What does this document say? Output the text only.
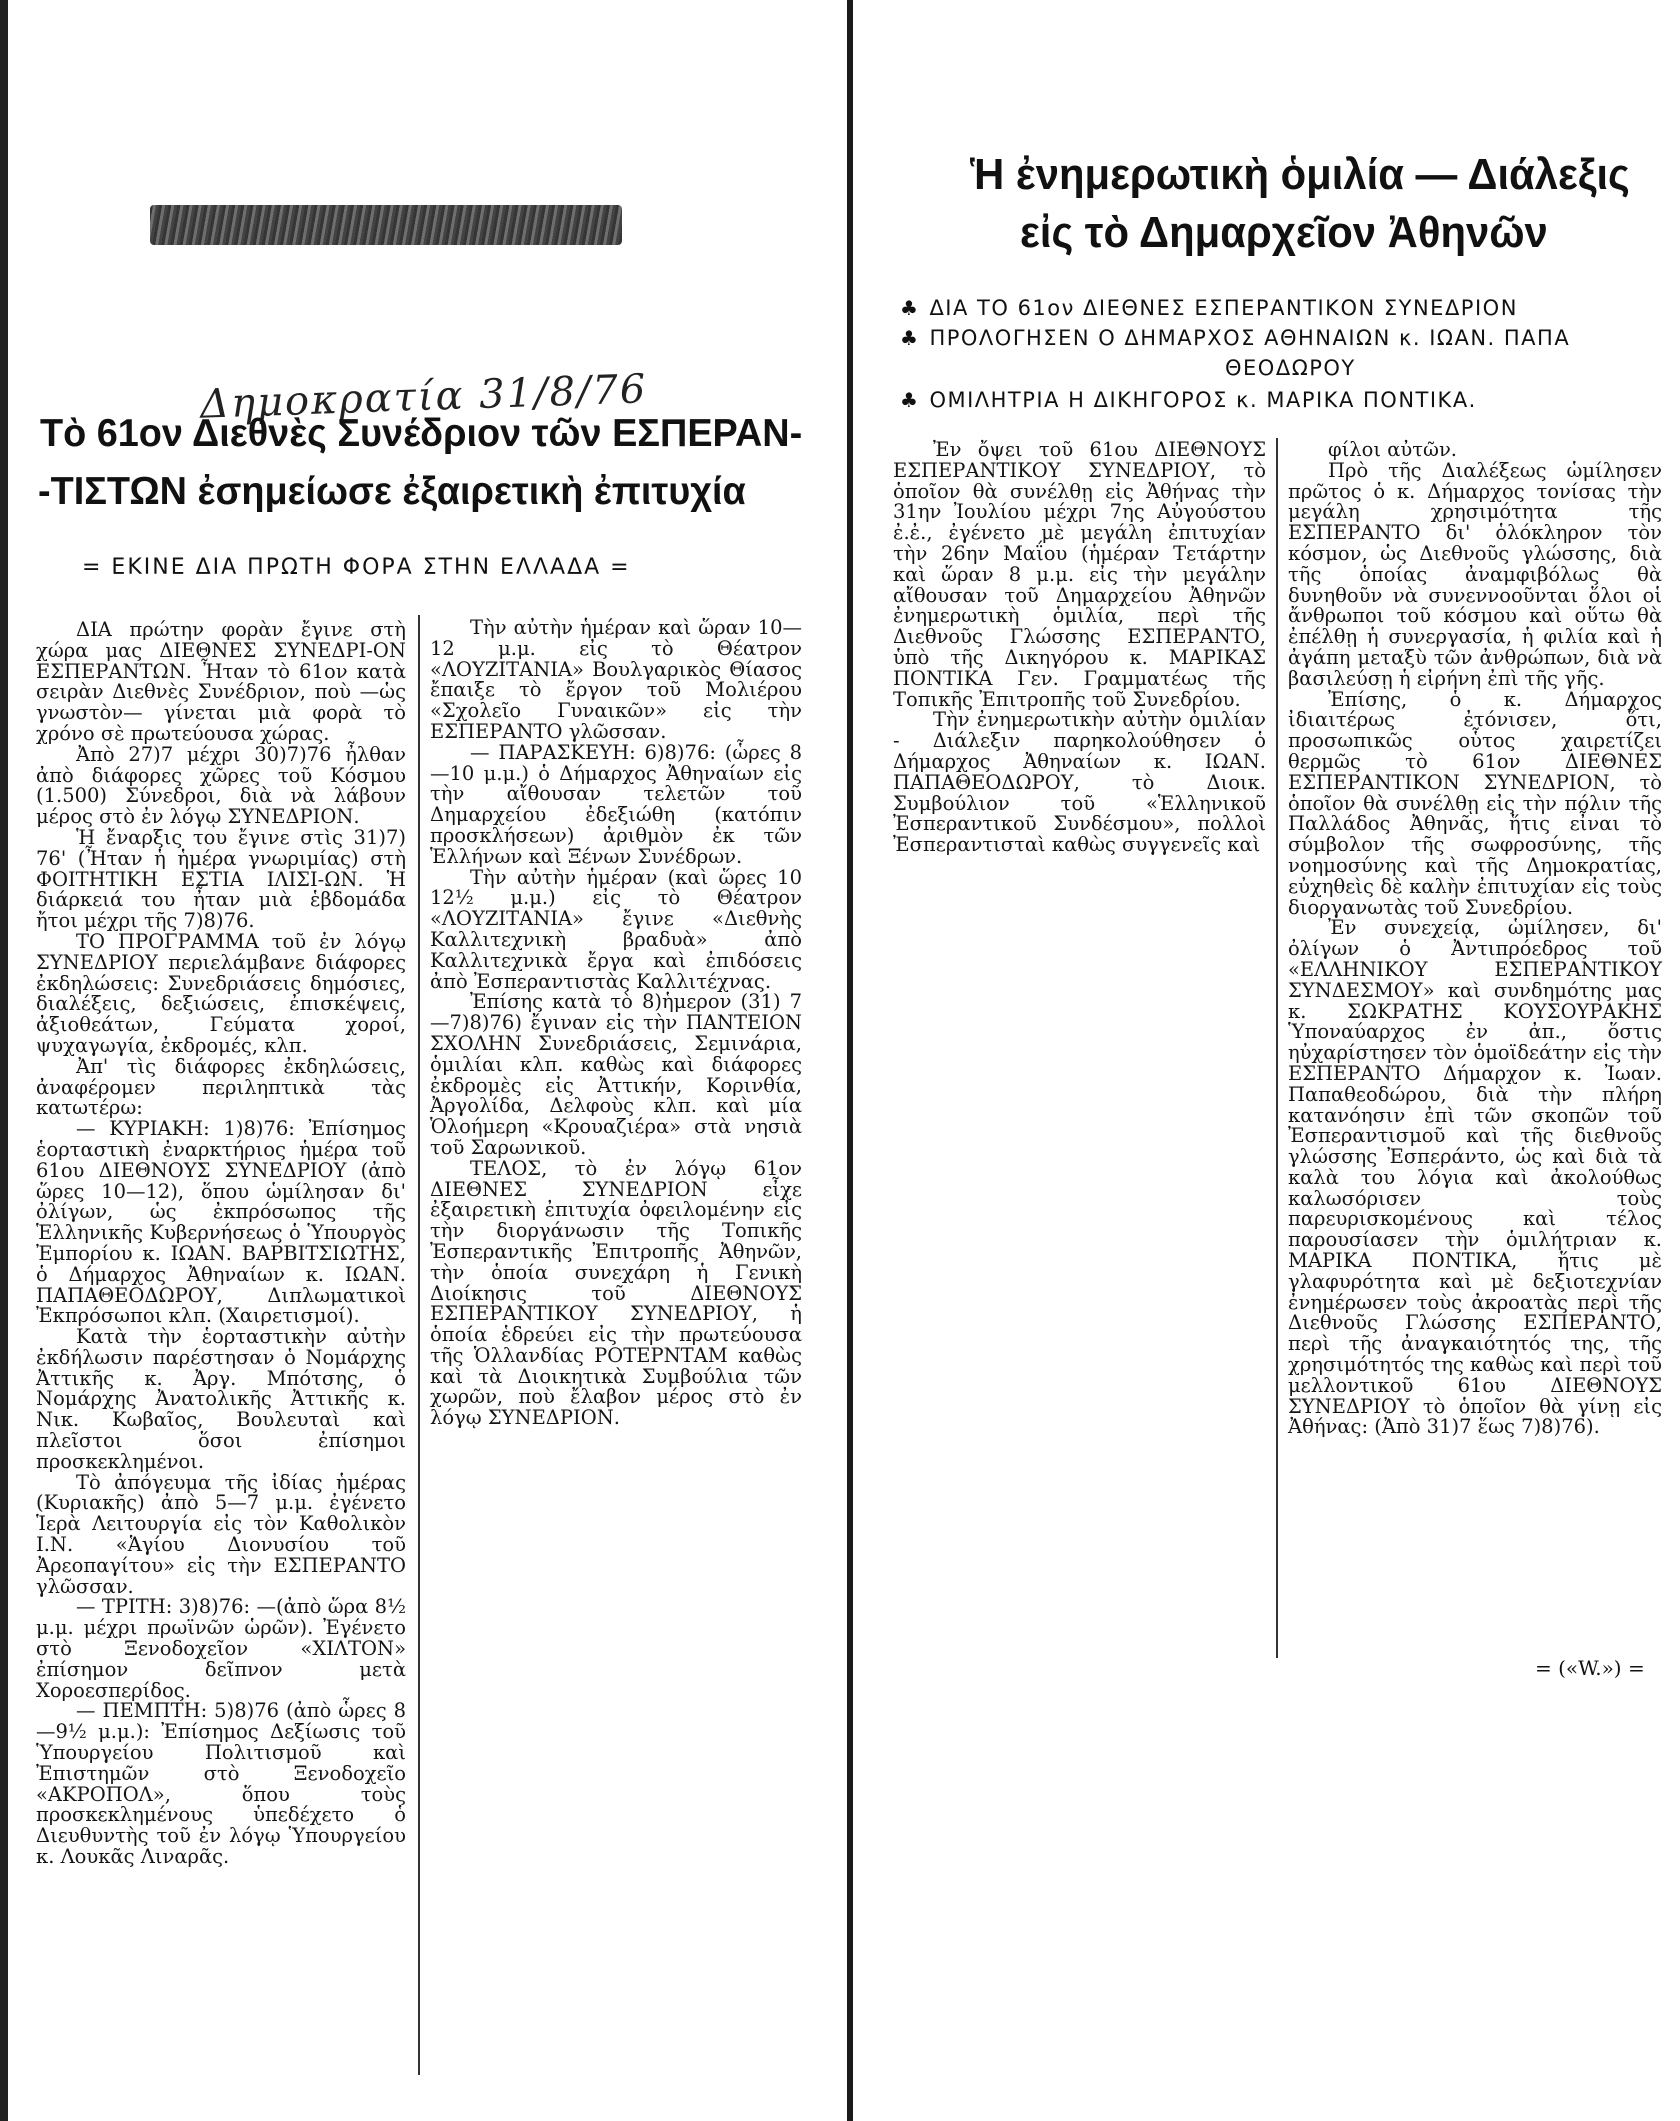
Δημοκρατία 31/8/76
Τὸ 61ον Διεθνὲς Συνέδριον τῶν ΕΣΠΕΡΑΝ-
-ΤΙΣΤΩΝ ἐσημείωσε ἐξαιρετικὴ ἐπιτυχία
= ΕΚΙΝΕ ΔΙΑ ΠΡΩΤΗ ΦΟΡΑ ΣΤΗΝ ΕΛΛΑΔΑ =

ΔΙΑ πρώτην φορὰν ἔγινε στὴ χώρα μας ΔΙΕΘΝΕΣ ΣΥΝΕΔΡΙ-ΟΝ ΕΣΠΕΡΑΝΤΩΝ. Ἦταν τὸ 61ον κατὰ σειρὰν Διεθνὲς Συνέδριον, ποὺ —ὡς γνωστὸν— γίνεται μιὰ φορὰ τὸ χρόνο σὲ πρωτεύουσα χώρας.

Ἀπὸ 27)7 μέχρι 30)7)76 ἦλθαν ἀπὸ διάφορες χῶρες τοῦ Κόσμου (1.500) Σύνεδροι, διὰ νὰ λάβουν μέρος στὸ ἐν λόγῳ ΣΥΝΕΔΡΙΟΝ.

Ἡ ἔναρξις του ἔγινε στὶς 31)7) 76' (Ἦταν ἡ ἡμέρα γνωριμίας) στὴ ΦΟΙΤΗΤΙΚΗ ΕΣΤΙΑ ΙΛΙΣΙ-ΩΝ. Ἡ διάρκειά του ἦταν μιὰ ἑβδομάδα ἤτοι μέχρι τῆς 7)8)76.

ΤΟ ΠΡΟΓΡΑΜΜΑ τοῦ ἐν λόγῳ ΣΥΝΕΔΡΙΟΥ περιελάμβανε διάφορες ἐκδηλώσεις: Συνεδριάσεις δημόσιες, διαλέξεις, δεξιώσεις, ἐπισκέψεις, ἀξιοθεάτων, Γεύματα χοροί, ψυχαγωγία, ἐκδρομές, κλπ.

Ἀπ' τὶς διάφορες ἐκδηλώσεις, ἀναφέρομεν περιληπτικὰ τὰς κατωτέρω:

— ΚΥΡΙΑΚΗ: 1)8)76: Ἐπίσημος ἑορταστικὴ ἐναρκτήριος ἡμέρα τοῦ 61ου ΔΙΕΘΝΟΥΣ ΣΥΝΕΔΡΙΟΥ (ἀπὸ ὥρες 10—12), ὅπου ὡμίλησαν δι' ὀλίγων, ὡς ἐκπρόσωπος τῆς Ἑλληνικῆς Κυβερνήσεως ὁ Ὑπουργὸς Ἐμπορίου κ. ΙΩΑΝ. ΒΑΡΒΙΤΣΙΩΤΗΣ, ὁ Δήμαρχος Ἀθηναίων κ. ΙΩΑΝ. ΠΑΠΑΘΕΟΔΩΡΟΥ, Διπλωματικοὶ Ἐκπρόσωποι κλπ. (Χαιρετισμοί).

Κατὰ τὴν ἑορταστικὴν αὐτὴν ἐκδήλωσιν παρέστησαν ὁ Νομάρχης Ἀττικῆς κ. Ἀργ. Μπότσης, ὁ Νομάρχης Ἀνατολικῆς Ἀττικῆς κ. Νικ. Κωβαῖος, Βουλευταὶ καὶ πλεῖστοι ὅσοι ἐπίσημοι προσκεκλημένοι.

Τὸ ἀπόγευμα τῆς ἰδίας ἡμέρας (Κυριακῆς) ἀπὸ 5—7 μ.μ. ἐγένετο Ἱερὰ Λειτουργία εἰς τὸν Καθολικὸν Ι.Ν. «Ἁγίου Διονυσίου τοῦ Ἀρεοπαγίτου» εἰς τὴν ΕΣΠΕΡΑΝΤΟ γλῶσσαν.

— ΤΡΙΤΗ: 3)8)76: —(ἀπὸ ὥρα 8½ μ.μ. μέχρι πρωϊνῶν ὡρῶν). Ἐγένετο στὸ Ξενοδοχεῖον «ΧΙΛΤΟΝ» ἐπίσημον δεῖπνον μετὰ Χοροεσπερίδος.

— ΠΕΜΠΤΗ: 5)8)76 (ἀπὸ ὧρες 8—9½ μ.μ.): Ἐπίσημος Δεξίωσις τοῦ Ὑπουργείου Πολιτισμοῦ καὶ Ἐπιστημῶν στὸ Ξενοδοχεῖο «ΑΚΡΟΠΟΛ», ὅπου τοὺς προσκεκλημένους ὑπεδέχετο ὁ Διευθυντὴς τοῦ ἐν λόγῳ Ὑπουργείου κ. Λουκᾶς Λιναρᾶς.

Τὴν αὐτὴν ἡμέραν καὶ ὥραν 10—12 μ.μ. εἰς τὸ Θέατρον «ΛΟΥΖΙΤΑΝΙΑ» Βουλγαρικὸς Θίασος ἔπαιξε τὸ ἔργον τοῦ Μολιέρου «Σχολεῖο Γυναικῶν» εἰς τὴν ΕΣΠΕΡΑΝΤΟ γλῶσσαν.

— ΠΑΡΑΣΚΕΥΗ: 6)8)76: (ὧρες 8—10 μ.μ.) ὁ Δήμαρχος Ἀθηναίων εἰς τὴν αἴθουσαν τελετῶν τοῦ Δημαρχείου ἐδεξιώθη (κατόπιν προσκλήσεων) ἀριθμὸν ἐκ τῶν Ἑλλήνων καὶ Ξένων Συνέδρων.

Τὴν αὐτὴν ἡμέραν (καὶ ὥρες 10 12½ μ.μ.) εἰς τὸ Θέατρον «ΛΟΥΖΙΤΑΝΙΑ» ἔγινε «Διεθνὴς Καλλιτεχνικὴ βραδυὰ» ἀπὸ Καλλιτεχνικὰ ἔργα καὶ ἐπιδόσεις ἀπὸ Ἐσπεραντιστὰς Καλλιτέχνας.

Ἐπίσης κατὰ τὸ 8)ἡμερον (31) 7—7)8)76) ἔγιναν εἰς τὴν ΠΑΝΤΕΙΟΝ ΣΧΟΛΗΝ Συνεδριάσεις, Σεμινάρια, ὁμιλίαι κλπ. καθὼς καὶ διάφορες ἐκδρομὲς εἰς Ἀττικήν, Κορινθία, Ἀργολίδα, Δελφοὺς κλπ. καὶ μία Ὁλοήμερη «Κρουαζιέρα» στὰ νησιὰ τοῦ Σαρωνικοῦ.

ΤΕΛΟΣ, τὸ ἐν λόγῳ 61ον ΔΙΕΘΝΕΣ ΣΥΝΕΔΡΙΟΝ εἶχε ἐξαιρετικὴ ἐπιτυχία ὀφειλομένην εἰς τὴν διοργάνωσιν τῆς Τοπικῆς Ἐσπεραντικῆς Ἐπιτροπῆς Ἀθηνῶν, τὴν ὁποία συνεχάρη ἡ Γενικὴ Διοίκησις τοῦ ΔΙΕΘΝΟΥΣ ΕΣΠΕΡΑΝΤΙΚΟΥ ΣΥΝΕΔΡΙΟΥ, ἡ ὁποία ἑδρεύει εἰς τὴν πρωτεύουσα τῆς Ὁλλανδίας ΡΟΤΕΡΝΤΑΜ καθὼς καὶ τὰ Διοικητικὰ Συμβούλια τῶν χωρῶν, ποὺ ἔλαβον μέρος στὸ ἐν λόγῳ ΣΥΝΕΔΡΙΟΝ.

Ἡ ἐνημερωτικὴ ὁμιλία — Διάλεξις
εἰς τὸ Δημαρχεῖον Ἀθηνῶν
♣ ΔΙΑ ΤΟ 61ον ΔΙΕΘΝΕΣ ΕΣΠΕΡΑΝΤΙΚΟΝ ΣΥΝΕΔΡΙΟΝ
♣ ΠΡΟΛΟΓΗΣΕΝ Ο ΔΗΜΑΡΧΟΣ ΑΘΗΝΑΙΩΝ κ. ΙΩΑΝ. ΠΑΠΑ
ΘΕΟΔΩΡΟΥ
♣ ΟΜΙΛΗΤΡΙΑ Η ΔΙΚΗΓΟΡΟΣ κ. ΜΑΡΙΚΑ ΠΟΝΤΙΚΑ.

Ἐν ὄψει τοῦ 61ου ΔΙΕΘΝΟΥΣ ΕΣΠΕΡΑΝΤΙΚΟΥ ΣΥΝΕΔΡΙΟΥ, τὸ ὁποῖον θὰ συνέλθῃ εἰς Ἀθήνας τὴν 31ην Ἰουλίου μέχρι 7ης Αὐγούστου ἐ.ἐ., ἐγένετο μὲ μεγάλη ἐπιτυχίαν τὴν 26ην Μαΐου (ἡμέραν Τετάρτην καὶ ὥραν 8 μ.μ. εἰς τὴν μεγάλην αἴθουσαν τοῦ Δημαρχείου Ἀθηνῶν ἐνημερωτικὴ ὁμιλία, περὶ τῆς Διεθνοῦς Γλώσσης ΕΣΠΕΡΑΝΤΟ, ὑπὸ τῆς Δικηγόρου κ. ΜΑΡΙΚΑΣ ΠΟΝΤΙΚΑ Γεν. Γραμματέως τῆς Τοπικῆς Ἐπιτροπῆς τοῦ Συνεδρίου.

Τὴν ἐνημερωτικὴν αὐτὴν ὁμιλίαν - Διάλεξιν παρηκολούθησεν ὁ Δήμαρχος Ἀθηναίων κ. ΙΩΑΝ. ΠΑΠΑΘΕΟΔΩΡΟΥ, τὸ Διοικ. Συμβούλιον τοῦ «Ἑλληνικοῦ Ἐσπεραντικοῦ Συνδέσμου», πολλοὶ Ἐσπεραντισταὶ καθὼς συγγενεῖς καὶ

φίλοι αὐτῶν.

Πρὸ τῆς Διαλέξεως ὡμίλησεν πρῶτος ὁ κ. Δήμαρχος τονίσας τὴν μεγάλη χρησιμότητα τῆς ΕΣΠΕΡΑΝΤΟ δι' ὁλόκληρον τὸν κόσμον, ὡς Διεθνοῦς γλώσσης, διὰ τῆς ὁποίας ἀναμφιβόλως θὰ δυνηθοῦν νὰ συνεννοοῦνται ὅλοι οἱ ἄνθρωποι τοῦ κόσμου καὶ οὕτω θὰ ἐπέλθῃ ἡ συνεργασία, ἡ φιλία καὶ ἡ ἀγάπη μεταξὺ τῶν ἀνθρώπων, διὰ νὰ βασιλεύσῃ ἡ εἰρήνη ἐπὶ τῆς γῆς.

Ἐπίσης, ὁ κ. Δήμαρχος ἰδιαιτέρως ἐτόνισεν, ὅτι, προσωπικῶς οὗτος χαιρετίζει θερμῶς τὸ 61ον ΔΙΕΘΝΕΣ ΕΣΠΕΡΑΝΤΙΚΟΝ ΣΥΝΕΔΡΙΟΝ, τὸ ὁποῖον θὰ συνέλθῃ εἰς τὴν πόλιν τῆς Παλλάδος Ἀθηνᾶς, ἥτις εἶναι τὸ σύμβολον τῆς σωφροσύνης, τῆς νοημοσύνης καὶ τῆς Δημοκρατίας, εὐχηθεὶς δὲ καλὴν ἐπιτυχίαν εἰς τοὺς διοργανωτὰς τοῦ Συνεδρίου.

Ἐν συνεχείᾳ, ὡμίλησεν, δι' ὀλίγων ὁ Ἀντιπρόεδρος τοῦ «ΕΛΛΗΝΙΚΟΥ ΕΣΠΕΡΑΝΤΙΚΟΥ ΣΥΝΔΕΣΜΟΥ» καὶ συνδημότης μας κ. ΣΩΚΡΑΤΗΣ ΚΟΥΣΟΥΡΑΚΗΣ Ὑποναύαρχος ἐν ἀπ., ὅστις ηὐχαρίστησεν τὸν ὁμοϊδεάτην εἰς τὴν ΕΣΠΕΡΑΝΤΟ Δήμαρχον κ. Ἰωαν. Παπαθεοδώρου, διὰ τὴν πλήρη κατανόησιν ἐπὶ τῶν σκοπῶν τοῦ Ἐσπεραντισμοῦ καὶ τῆς διεθνοῦς γλώσσης Ἐσπεράντο, ὡς καὶ διὰ τὰ καλὰ του λόγια καὶ ἀκολούθως καλωσόρισεν τοὺς παρευρισκομένους καὶ τέλος παρουσίασεν τὴν ὁμιλήτριαν κ. ΜΑΡΙΚΑ ΠΟΝΤΙΚΑ, ἥτις μὲ γλαφυρότητα καὶ μὲ δεξιοτεχνίαν ἐνημέρωσεν τοὺς ἀκροατὰς περὶ τῆς Διεθνοῦς Γλώσσης ΕΣΠΕΡΑΝΤΟ, περὶ τῆς ἀναγκαιότητός της, τῆς χρησιμότητός της καθὼς καὶ περὶ τοῦ μελλοντικοῦ 61ου ΔΙΕΘΝΟΥΣ ΣΥΝΕΔΡΙΟΥ τὸ ὁποῖον θὰ γίνῃ εἰς Ἀθήνας: (Ἀπὸ 31)7 ἕως 7)8)76).

= («W.») =
